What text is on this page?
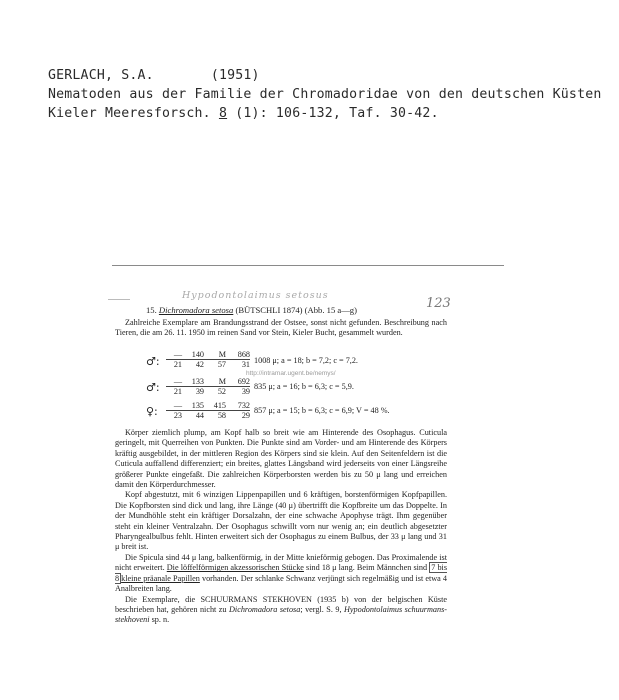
GERLACH, S.A.	(1951)
Nematoden aus der Familie der Chromadoridae von den deutschen Küsten
Kieler Meeresforsch. 8 (1): 106-132, Taf. 30-42.
Hypodontolaimus setosus
123
15. Dichromadora setosa (BÜTSCHLI 1874) (Abb. 15 a—g)

Zahlreiche Exemplare am Brandungsstrand der Ostsee, sonst nicht gefunden. Beschreibung nach Tieren, die am 26. 11. 1950 im reinen Sand vor Stein, Kieler Bucht, gesammelt wurden.

♂: —	140	M	868
21	42	57	31 1008 μ; a = 18; b = 7,2; c = 7,2.
♂: —	133	M	692
21	39	52	39 835 μ; a = 16; b = 6,3; c = 5,9.
http://intramar.ugent.be/nemys/
♀: —	135	415	732
23	44	58	29 857 μ; a = 15; b = 6,3; c = 6,9; V = 48 %.

Körper ziemlich plump, am Kopf halb so breit wie am Hinterende des Osophagus. Cuticula geringelt, mit Querreihen von Punkten. Die Punkte sind am Vorder- und am Hinterende des Körpers kräftig ausgebildet, in der mittleren Region des Körpers sind sie klein. Auf den Seitenfeldern ist die Cuticula auffallend differenziert; ein breites, glattes Längsband wird jederseits von einer Längsreihe größerer Punkte eingefaßt. Die zahlreichen Körperborsten werden bis zu 50 μ lang und erreichen damit den Körperdurchmesser.

Kopf abgestutzt, mit 6 winzigen Lippenpapillen und 6 kräftigen, borstenförmigen Kopfpapillen. Die Kopfborsten sind dick und lang, ihre Länge (40 μ) übertrifft die Kopfbreite um das Doppelte. In der Mundhöhle steht ein kräftiger Dorsalzahn, der eine schwache Apophyse trägt. Ihm gegenüber steht ein kleiner Ventralzahn. Der Osophagus schwillt vorn nur wenig an; ein deutlich abgesetzter Pharyngealbulbus fehlt. Hinten erweitert sich der Osophagus zu einem Bulbus, der 33 μ lang und 31 μ breit ist.

Die Spicula sind 44 μ lang, balkenförmig, in der Mitte knieförmig gebogen. Das Proximalende ist nicht erweitert. Die löffelförmigen akzessorischen Stücke sind 18 μ lang. Beim Männchen sind 7 bis 8 kleine präanale Papillen vorhanden. Der schlanke Schwanz verjüngt sich regelmäßig und ist etwa 4 Analbreiten lang.

Die Exemplare, die SCHUURMANS STEKHOVEN (1935 b) von der belgischen Küste beschrieben hat, gehören nicht zu Dichromadora setosa; vergl. S. 9, Hypodontolaimus schuurmans-stekhoveni sp. n.
